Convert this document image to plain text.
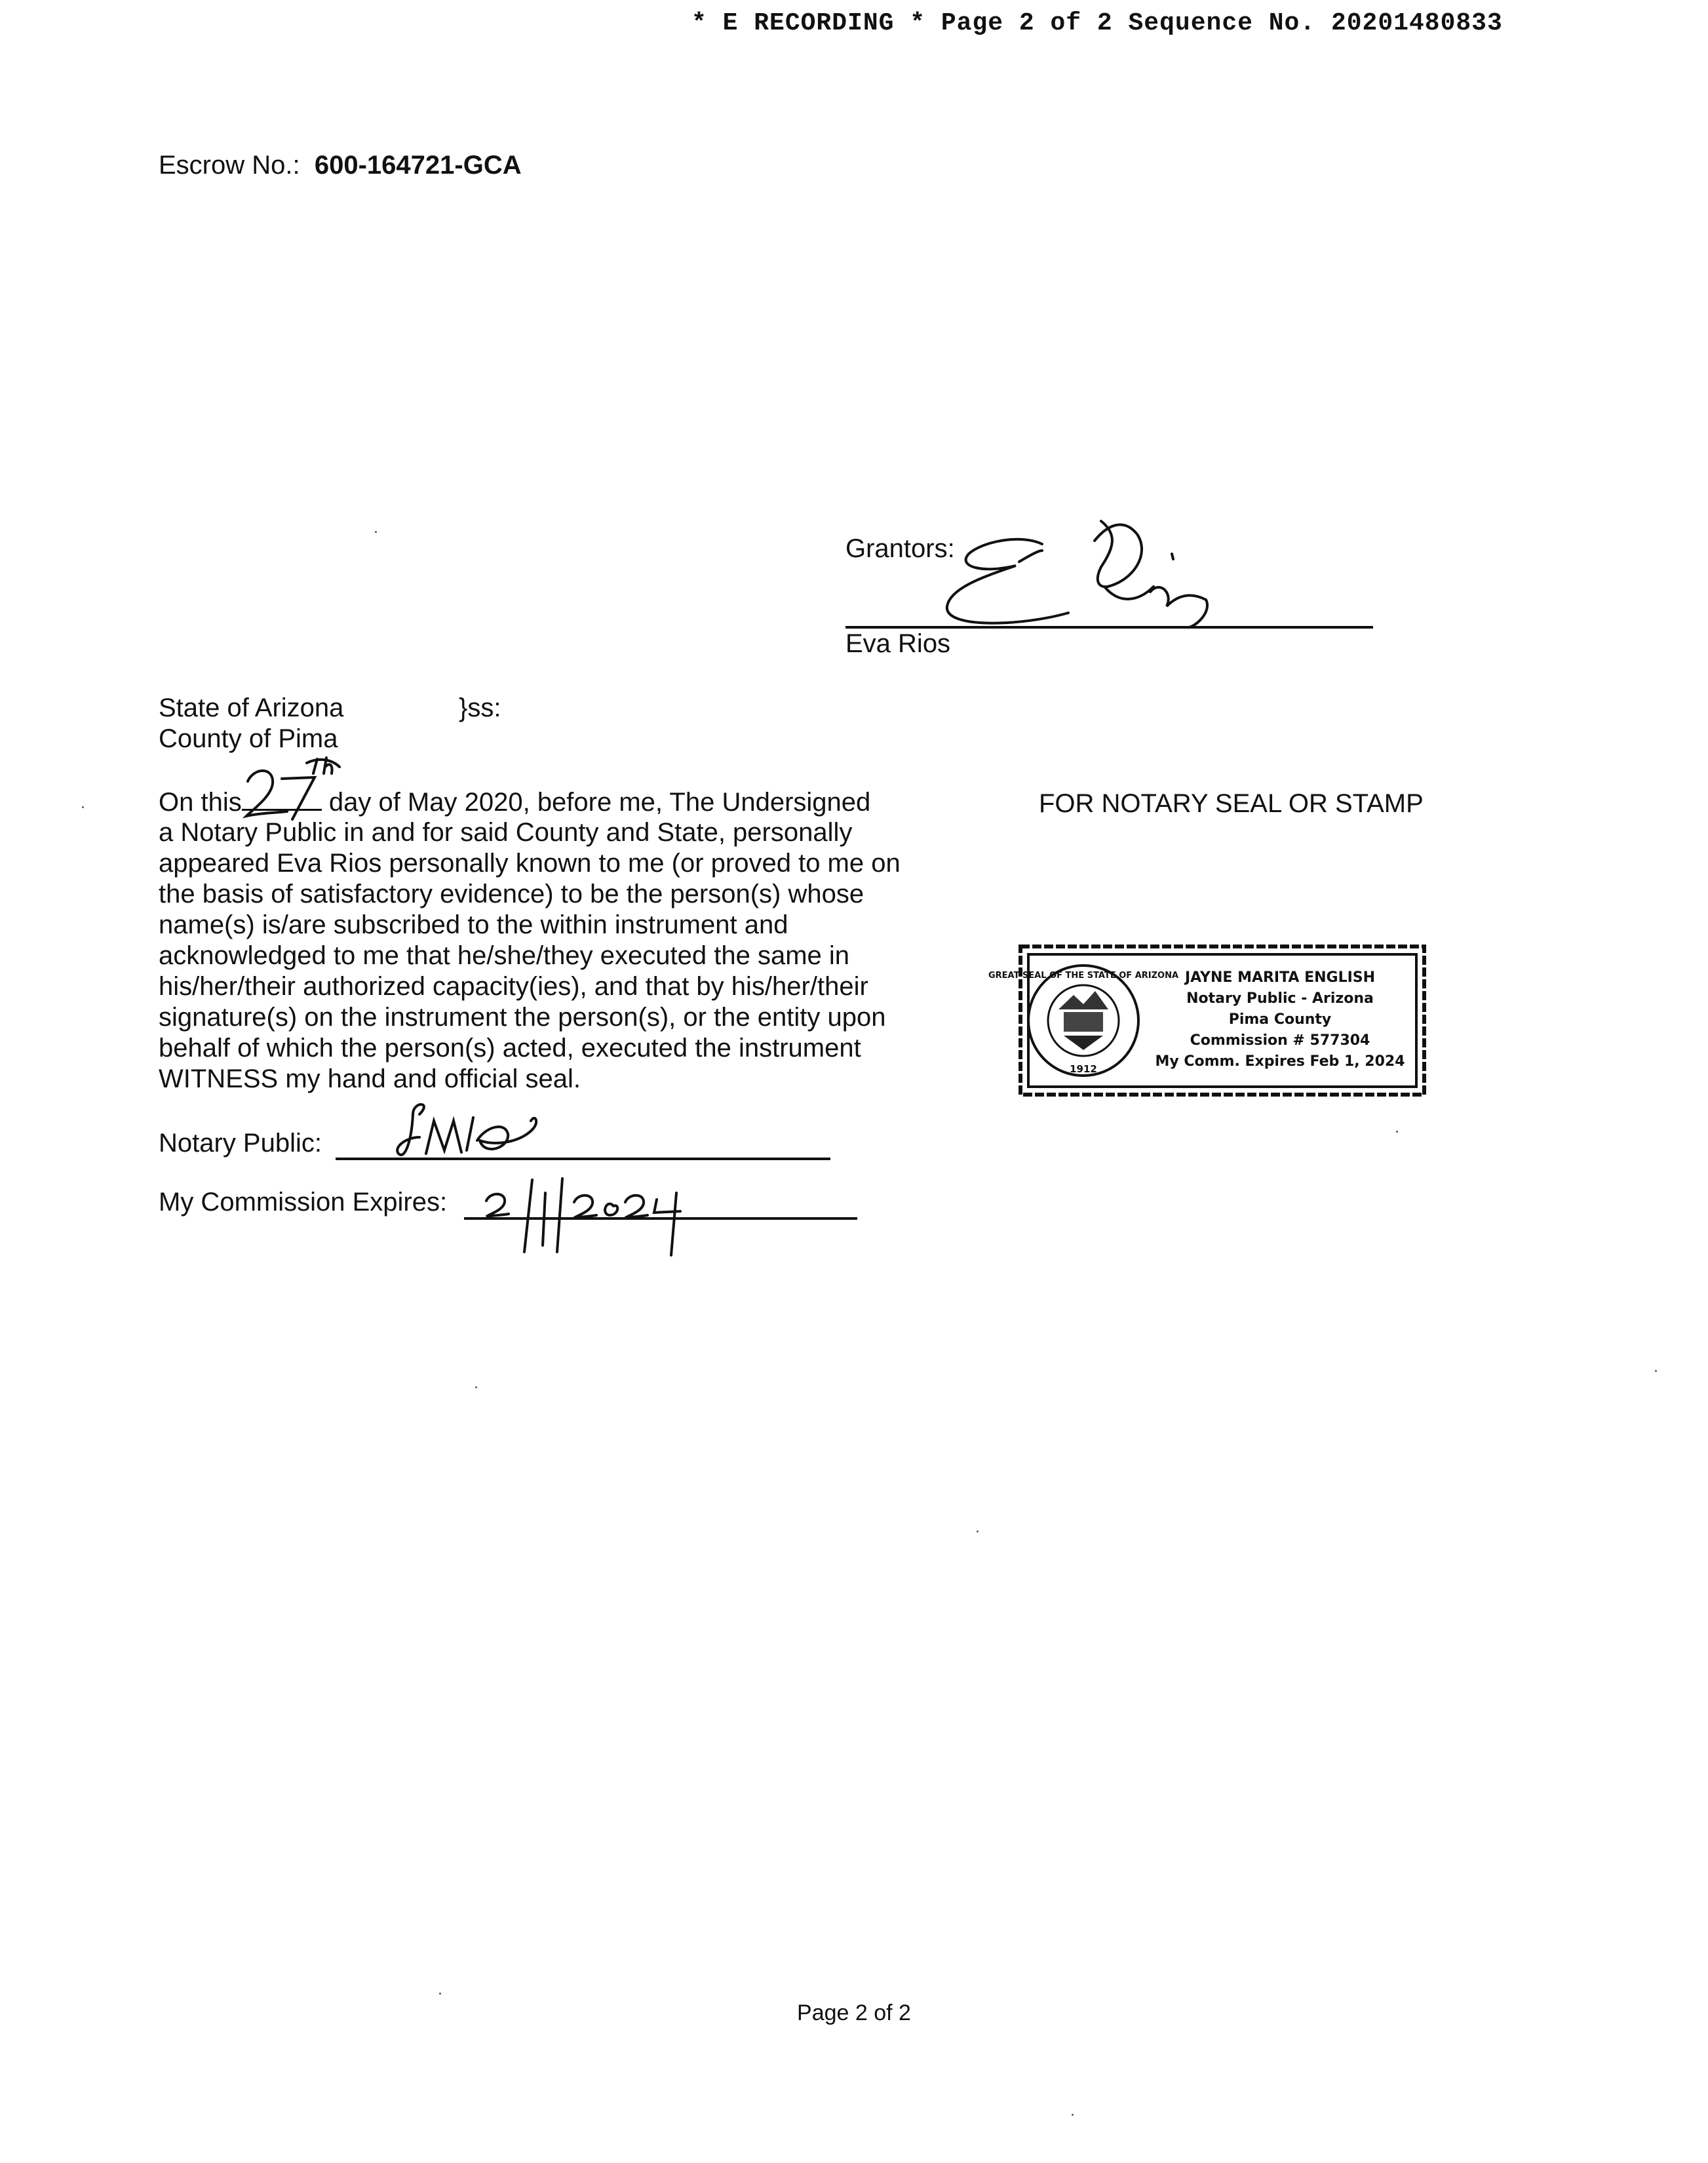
* E RECORDING * Page 2 of 2 Sequence No. 20201480833
Escrow No.: 600-164721-GCA
Grantors:
Eva Rios
State of Arizona
County of Pima
}ss:
On this	day of May 2020, before me, The Undersigned
a Notary Public in and for said County and State, personally
appeared Eva Rios personally known to me (or proved to me on
the basis of satisfactory evidence) to be the person(s) whose
name(s) is/are subscribed to the within instrument and
acknowledged to me that he/she/they executed the same in
his/her/their authorized capacity(ies), and that by his/her/their
signature(s) on the instrument the person(s), or the entity upon
behalf of which the person(s) acted, executed the instrument
WITNESS my hand and official seal.
FOR NOTARY SEAL OR STAMP
GREAT SEAL OF THE STATE OF ARIZONA
1912
JAYNE MARITA ENGLISH
Notary Public - Arizona
Pima County
Commission # 577304
My Comm. Expires Feb 1, 2024
Notary Public:
My Commission Expires:
Page 2 of 2
